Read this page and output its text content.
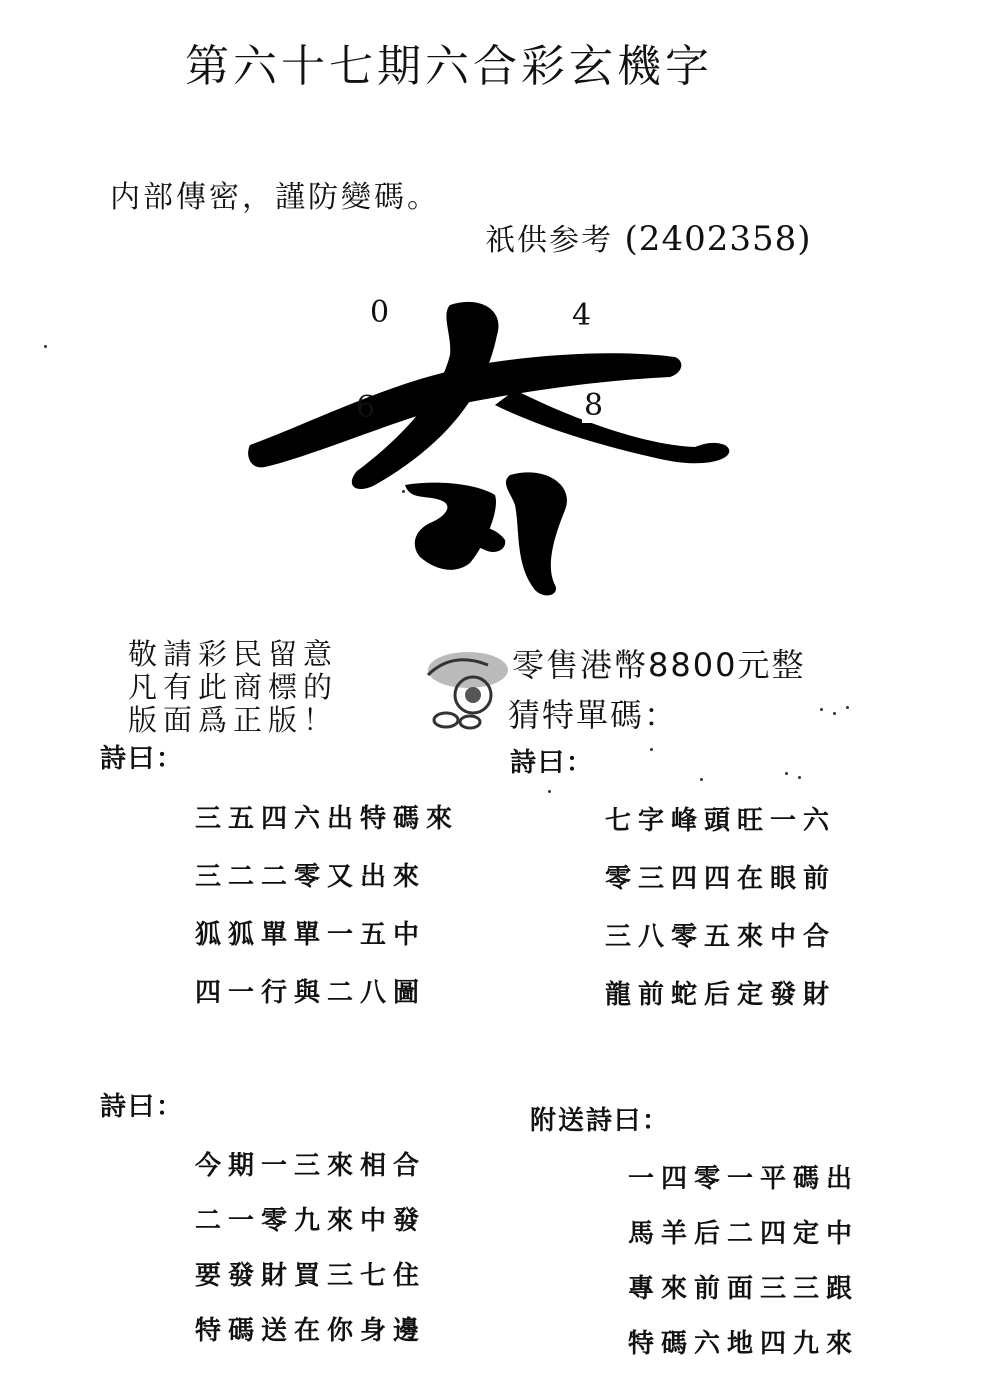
第六十七期六合彩玄機字
内部傳密，謹防變碼。
祇供参考 (2402358)
0	4
6	8
敬請彩民留意
凡有此商標的
版面爲正版！
零售港幣8800元整
猜特單碼：
詩曰：
三五四六出特碼來
三二二零又出來
狐狐單單一五中
四一行與二八圖
詩曰：
七字峰頭旺一六
零三四四在眼前
三八零五來中合
龍前蛇后定發財
詩曰：
今期一三來相合
二一零九來中發
要發財買三七住
特碼送在你身邊
附送詩曰：
一四零一平碼出
馬羊后二四定中
專來前面三三跟
特碼六地四九來
